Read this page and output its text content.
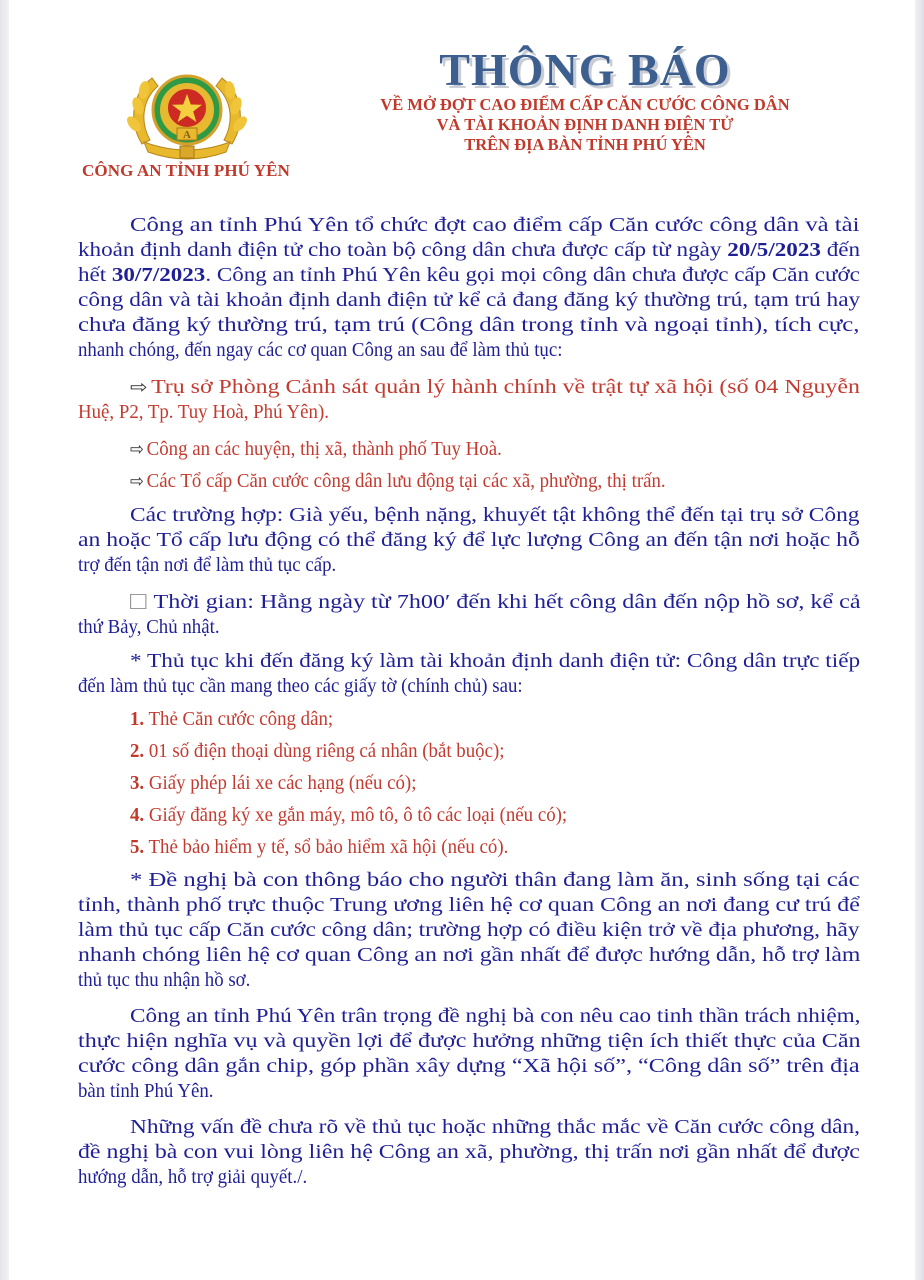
A
CÔNG AN TỈNH PHÚ YÊN
THÔNG BÁO
VỀ MỞ ĐỢT CAO ĐIỂM CẤP CĂN CƯỚC CÔNG DÂN
VÀ TÀI KHOẢN ĐỊNH DANH ĐIỆN TỬ
TRÊN ĐỊA BÀN TỈNH PHÚ YÊN
Công an tỉnh Phú Yên tổ chức đợt cao điểm cấp Căn cước công dân và tài
khoản định danh điện tử cho toàn bộ công dân chưa được cấp từ ngày 20/5/2023 đến
hết 30/7/2023. Công an tỉnh Phú Yên kêu gọi mọi công dân chưa được cấp Căn cước
công dân và tài khoản định danh điện tử kể cả đang đăng ký thường trú, tạm trú hay
chưa đăng ký thường trú, tạm trú (Công dân trong tỉnh và ngoại tỉnh), tích cực,
nhanh chóng, đến ngay các cơ quan Công an sau để làm thủ tục:
⇨ Trụ sở Phòng Cảnh sát quản lý hành chính về trật tự xã hội (số 04 Nguyễn
Huệ, P2, Tp. Tuy Hoà, Phú Yên).
⇨ Công an các huyện, thị xã, thành phố Tuy Hoà.
⇨ Các Tổ cấp Căn cước công dân lưu động tại các xã, phường, thị trấn.
Các trường hợp: Già yếu, bệnh nặng, khuyết tật không thể đến tại trụ sở Công
an hoặc Tổ cấp lưu động có thể đăng ký để lực lượng Công an đến tận nơi hoặc hỗ
trợ đến tận nơi để làm thủ tục cấp.
Thời gian: Hằng ngày từ 7h00′ đến khi hết công dân đến nộp hồ sơ, kể cả
thứ Bảy, Chủ nhật.
* Thủ tục khi đến đăng ký làm tài khoản định danh điện tử: Công dân trực tiếp
đến làm thủ tục cần mang theo các giấy tờ (chính chủ) sau:
1. Thẻ Căn cước công dân;
2. 01 số điện thoại dùng riêng cá nhân (bắt buộc);
3. Giấy phép lái xe các hạng (nếu có);
4. Giấy đăng ký xe gắn máy, mô tô, ô tô các loại (nếu có);
5. Thẻ bảo hiểm y tế, sổ bảo hiểm xã hội (nếu có).
* Đề nghị bà con thông báo cho người thân đang làm ăn, sinh sống tại các
tỉnh, thành phố trực thuộc Trung ương liên hệ cơ quan Công an nơi đang cư trú để
làm thủ tục cấp Căn cước công dân; trường hợp có điều kiện trở về địa phương, hãy
nhanh chóng liên hệ cơ quan Công an nơi gần nhất để được hướng dẫn, hỗ trợ làm
thủ tục thu nhận hồ sơ.
Công an tỉnh Phú Yên trân trọng đề nghị bà con nêu cao tinh thần trách nhiệm,
thực hiện nghĩa vụ và quyền lợi để được hưởng những tiện ích thiết thực của Căn
cước công dân gắn chip, góp phần xây dựng “Xã hội số”, “Công dân số” trên địa
bàn tỉnh Phú Yên.
Những vấn đề chưa rõ về thủ tục hoặc những thắc mắc về Căn cước công dân,
đề nghị bà con vui lòng liên hệ Công an xã, phường, thị trấn nơi gần nhất để được
hướng dẫn, hỗ trợ giải quyết./.
